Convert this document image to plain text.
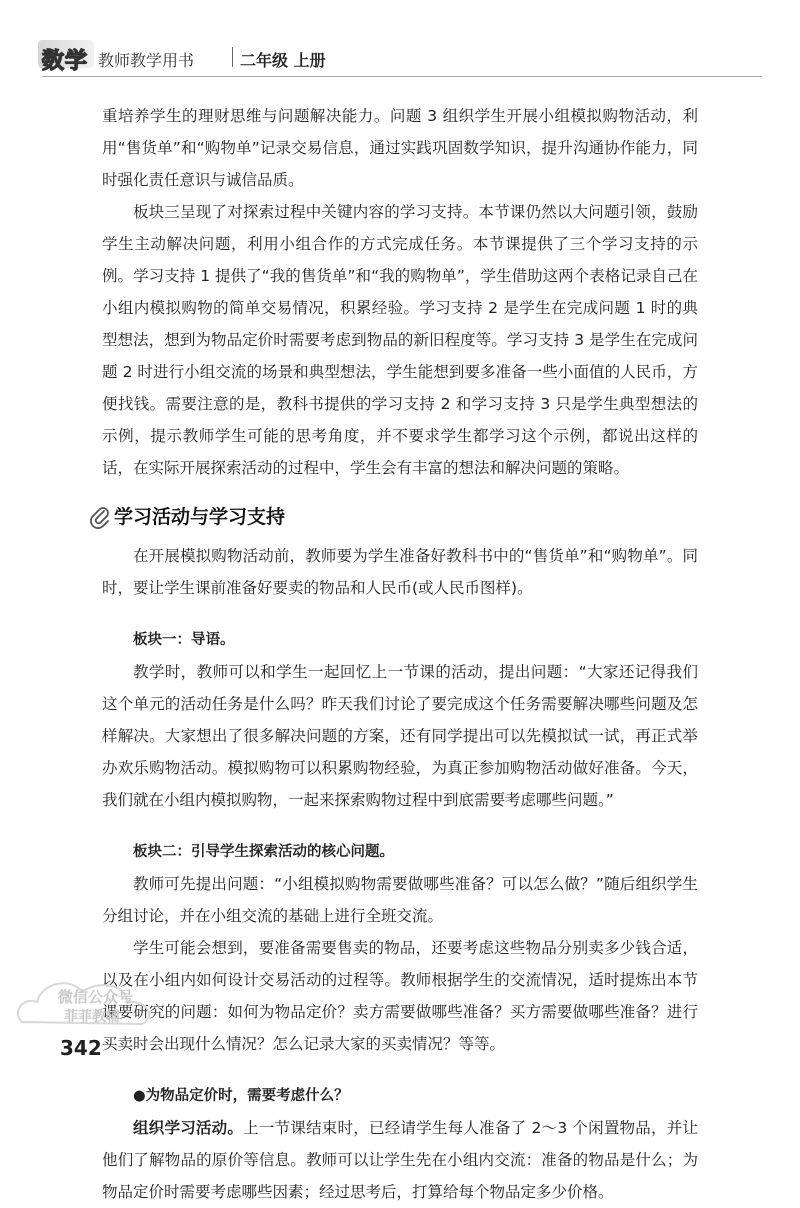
数学 教师教学用书	二年级 上册

重培养学生的理财思维与问题解决能力。问题 3 组织学生开展小组模拟购物活动，利用“售货单”和“购物单”记录交易信息，通过实践巩固数学知识，提升沟通协作能力，同时强化责任意识与诚信品质。

板块三呈现了对探索过程中关键内容的学习支持。本节课仍然以大问题引领，鼓励学生主动解决问题，利用小组合作的方式完成任务。本节课提供了三个学习支持的示例。学习支持 1 提供了“我的售货单”和“我的购物单”，学生借助这两个表格记录自己在小组内模拟购物的简单交易情况，积累经验。学习支持 2 是学生在完成问题 1 时的典型想法，想到为物品定价时需要考虑到物品的新旧程度等。学习支持 3 是学生在完成问题 2 时进行小组交流的场景和典型想法，学生能想到要多准备一些小面值的人民币，方便找钱。需要注意的是，教科书提供的学习支持 2 和学习支持 3 只是学生典型想法的示例，提示教师学生可能的思考角度，并不要求学生都学习这个示例，都说出这样的话，在实际开展探索活动的过程中，学生会有丰富的想法和解决问题的策略。

学习活动与学习支持

在开展模拟购物活动前，教师要为学生准备好教科书中的“售货单”和“购物单”。同时，要让学生课前准备好要卖的物品和人民币(或人民币图样)。

板块一：导语。

教学时，教师可以和学生一起回忆上一节课的活动，提出问题：“大家还记得我们这个单元的活动任务是什么吗？昨天我们讨论了要完成这个任务需要解决哪些问题及怎样解决。大家想出了很多解决问题的方案，还有同学提出可以先模拟试一试，再正式举办欢乐购物活动。模拟购物可以积累购物经验，为真正参加购物活动做好准备。今天，我们就在小组内模拟购物，一起来探索购物过程中到底需要考虑哪些问题。”

板块二：引导学生探索活动的核心问题。

教师可先提出问题：“小组模拟购物需要做哪些准备？可以怎么做？”随后组织学生分组讨论，并在小组交流的基础上进行全班交流。

学生可能会想到，要准备需要售卖的物品，还要考虑这些物品分别卖多少钱合适，以及在小组内如何设计交易活动的过程等。教师根据学生的交流情况，适时提炼出本节课要研究的问题：如何为物品定价？卖方需要做哪些准备？买方需要做哪些准备？进行买卖时会出现什么情况？怎么记录大家的买卖情况？等等。

●为物品定价时，需要考虑什么？

组织学习活动。上一节课结束时，已经请学生每人准备了 2～3 个闲置物品，并让他们了解物品的原价等信息。教师可以让学生先在小组内交流：准备的物品是什么；为物品定价时需要考虑哪些因素；经过思考后，打算给每个物品定多少价格。

微信公众号
菲菲教辅
342
